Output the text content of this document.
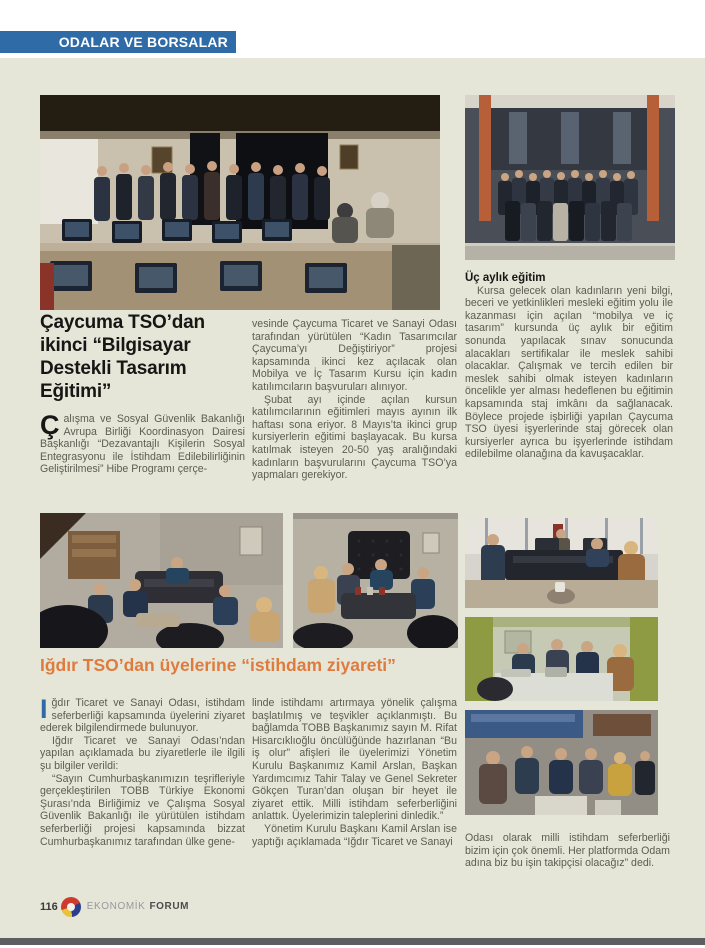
ODALAR VE BORSALAR
Çaycuma TSO’dan ikinci “Bilgisayar Destekli Tasarım Eğitimi”

Çalışma ve Sosyal Güvenlik Bakanlığı Avrupa Birliği Koordinasyon Dairesi Başkanlığı “Dezavantajlı Kişilerin Sosyal Entegrasyonu ile İstihdam Edilebilirliğinin Geliştirilmesi” Hibe Programı çerçe-

vesinde Çaycuma Ticaret ve Sanayi Odası tarafından yürütülen “Kadın Tasarımcılar Çaycuma’yı Değiştiriyor” projesi kapsamında ikinci kez açılacak olan Mobilya ve İç Tasarım Kursu için kadın katılımcıların başvuruları alınıyor.

Şubat ayı içinde açılan kursun katılımcılarının eğitimleri mayıs ayının ilk haftası sona eriyor. 8 Mayıs’ta ikinci grup kursiyerlerin eğitimi başlayacak. Bu kursa katılmak isteyen 20-50 yaş aralığındaki kadınların başvurularını Çaycuma TSO’ya yapmaları gerekiyor.

Üç aylık eğitim

Kursa gelecek olan kadınların yeni bilgi, beceri ve yetkinlikleri mesleki eğitim yolu ile kazanması için açılan “mobilya ve iç tasarım” kursunda üç aylık bir eğitim sonunda yapılacak sınav sonucunda alacakları sertifikalar ile meslek sahibi olacaklar. Çalışmak ve tercih edilen bir meslek sahibi olmak isteyen kadınların öncelikle yer alması hedeflenen bu eğitimin kapsamında staj imkânı da sağlanacak. Böylece projede işbirliği yapılan Çaycuma TSO üyesi işyerlerinde staj görecek olan kursiyerler ayrıca bu işyerlerinde istihdam edilebilme olanağına da kavuşacaklar.

Iğdır TSO’dan üyelerine “istihdam ziyareti”

Iğdır Ticaret ve Sanayi Odası, istihdam seferberliği kapsamında üyelerini ziyaret ederek bilgilendirmede bulunuyor.

Iğdır Ticaret ve Sanayi Odası’ndan yapılan açıklamada bu ziyaretlerle ile ilgili şu bilgiler verildi:

“Sayın Cumhurbaşkanımızın teşrifleriyle gerçekleştirilen TOBB Türkiye Ekonomi Şurası’nda Birliğimiz ve Çalışma Sosyal Güvenlik Bakanlığı ile yürütülen istihdam seferberliği projesi kapsamında bizzat Cumhurbaşkanımız tarafından ülke gene-

linde istihdamı artırmaya yönelik çalışma başlatılmış ve teşvikler açıklanmıştı. Bu bağlamda TOBB Başkanımız sayın M. Rifat Hisarcıklıoğlu öncülüğünde hazırlanan “Bu iş olur” afişleri ile üyelerimizi Yönetim Kurulu Başkanımız Kamil Arslan, Başkan Yardımcımız Tahir Talay ve Genel Sekreter Gökçen Turan’dan oluşan bir heyet ile ziyaret ettik. Milli istihdam seferberliğini anlattık. Üyelerimizin taleplerini dinledik.”

Yönetim Kurulu Başkanı Kamil Arslan ise yaptığı açıklamada “Iğdır Ticaret ve Sanayi	Odası olarak milli istihdam seferberliği bizim için çok önemli. Her platformda Odam adına biz bu işin takipçisi olacağız” dedi.

116	EKONOMİK FORUM
